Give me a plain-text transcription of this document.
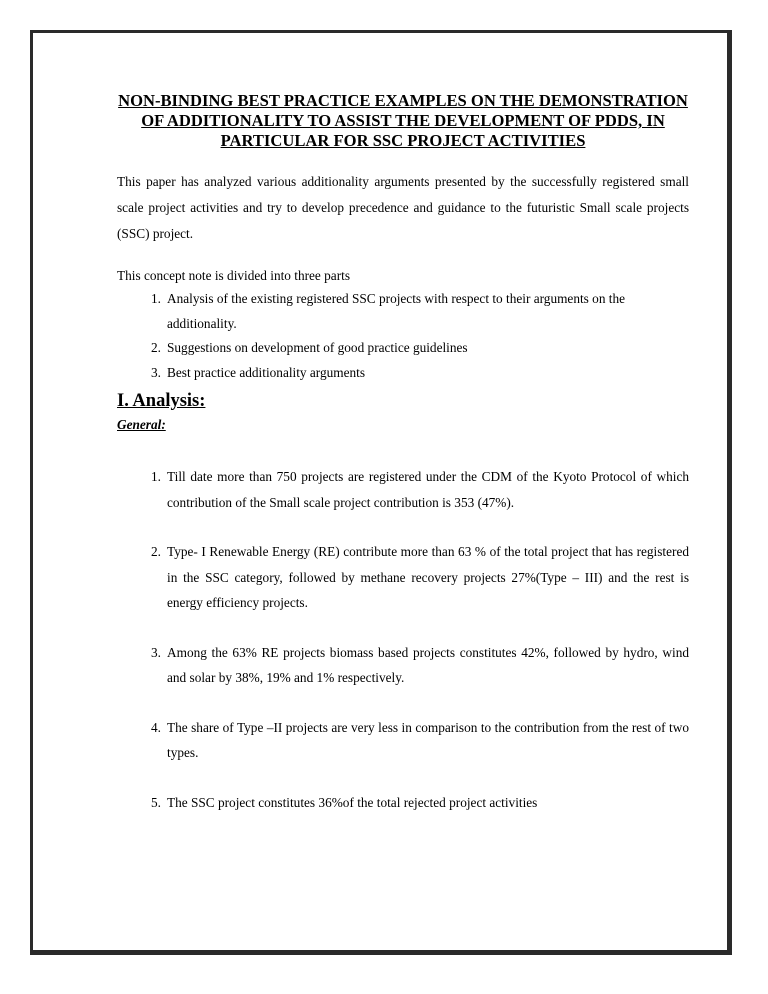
NON-BINDING BEST PRACTICE EXAMPLES ON THE DEMONSTRATION OF ADDITIONALITY TO ASSIST THE DEVELOPMENT OF PDDS, IN PARTICULAR FOR SSC PROJECT ACTIVITIES

This paper has analyzed various additionality arguments presented by the successfully registered small scale project activities and try to develop precedence and guidance to the futuristic Small scale projects (SSC) project.

This concept note is divided into three parts

1. Analysis of the existing registered SSC projects with respect to their arguments on the additionality.
2. Suggestions on development of good practice guidelines
3. Best practice additionality arguments
I. Analysis:

General:

1. Till date more than 750 projects are registered under the CDM of the Kyoto Protocol of which contribution of the Small scale project contribution is 353 (47%).
2. Type- I Renewable Energy (RE) contribute more than 63 % of the total project that has registered in the SSC category, followed by methane recovery projects 27%(Type – III) and the rest is energy efficiency projects.
3. Among the 63% RE projects biomass based projects constitutes 42%, followed by hydro, wind and solar by 38%, 19% and 1% respectively.
4. The share of Type –II projects are very less in comparison to the contribution from the rest of two types.
5. The SSC project constitutes 36%of the total rejected project activities
